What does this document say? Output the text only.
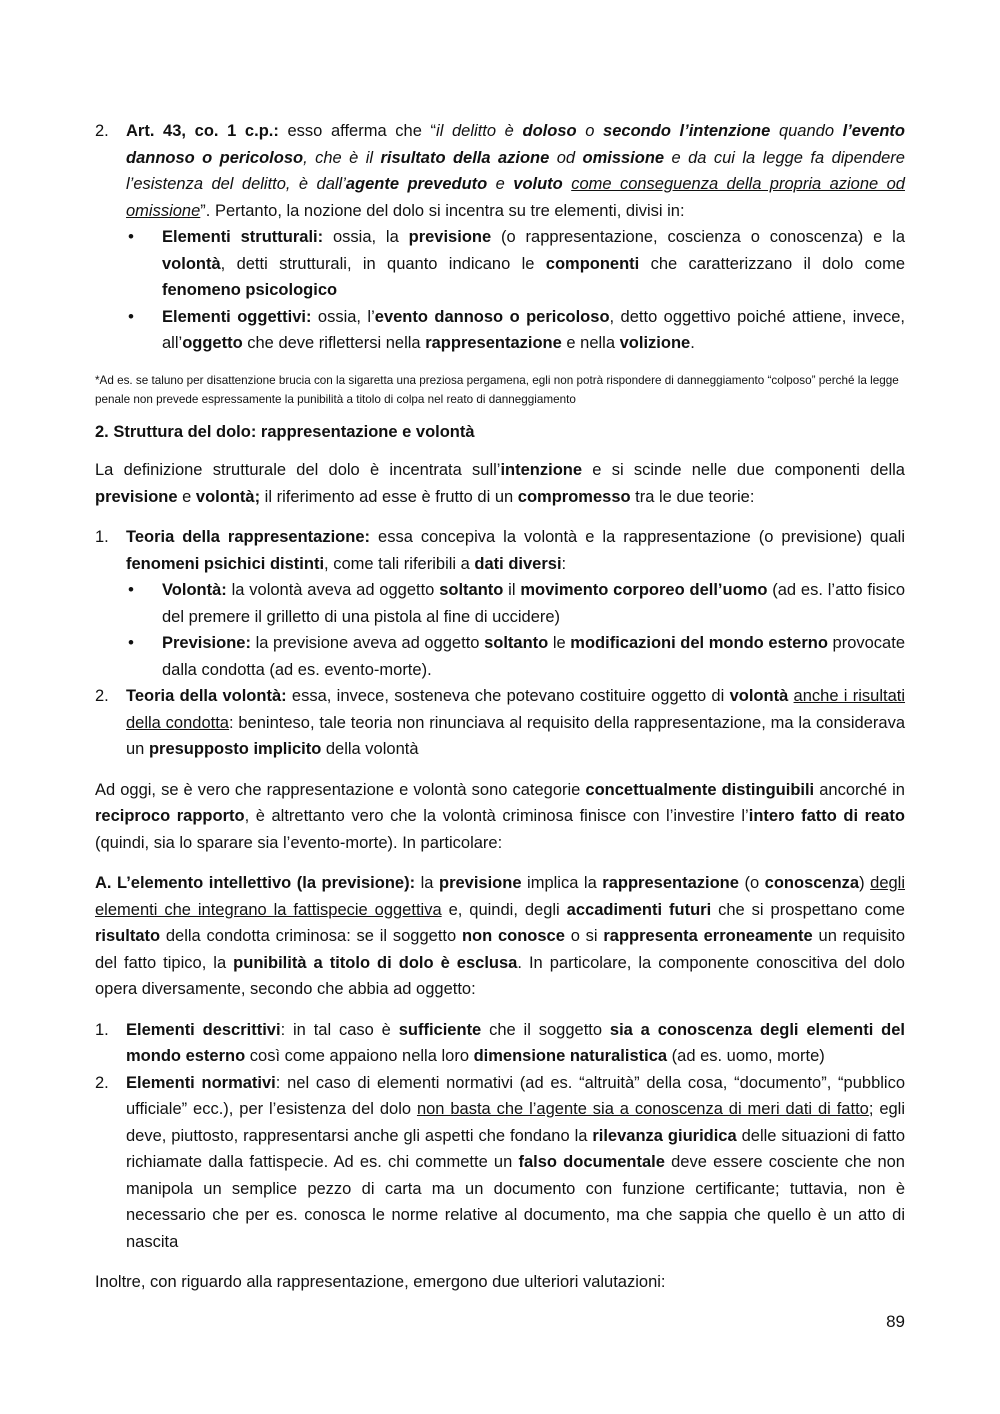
2. Art. 43, co. 1 c.p.: esso afferma che “il delitto è doloso o secondo l’intenzione quando l’evento dannoso o pericoloso, che è il risultato della azione od omissione e da cui la legge fa dipendere l’esistenza del delitto, è dall’agente preveduto e voluto come conseguenza della propria azione od omissione”. Pertanto, la nozione del dolo si incentra su tre elementi, divisi in:
• Elementi strutturali: ossia, la previsione (o rappresentazione, coscienza o conoscenza) e la volontà, detti strutturali, in quanto indicano le componenti che caratterizzano il dolo come fenomeno psicologico
• Elementi oggettivi: ossia, l’evento dannoso o pericoloso, detto oggettivo poiché attiene, invece, all’oggetto che deve riflettersi nella rappresentazione e nella volizione.

*Ad es. se taluno per disattenzione brucia con la sigaretta una preziosa pergamena, egli non potrà rispondere di danneggiamento “colposo” perché la legge penale non prevede espressamente la punibilità a titolo di colpa nel reato di danneggiamento

2. Struttura del dolo: rappresentazione e volontà

La definizione strutturale del dolo è incentrata sull’intenzione e si scinde nelle due componenti della previsione e volontà; il riferimento ad esse è frutto di un compromesso tra le due teorie:

1. Teoria della rappresentazione: essa concepiva la volontà e la rappresentazione (o previsione) quali fenomeni psichici distinti, come tali riferibili a dati diversi:
• Volontà: la volontà aveva ad oggetto soltanto il movimento corporeo dell’uomo (ad es. l’atto fisico del premere il grilletto di una pistola al fine di uccidere)
• Previsione: la previsione aveva ad oggetto soltanto le modificazioni del mondo esterno provocate dalla condotta (ad es. evento-morte).
2. Teoria della volontà: essa, invece, sosteneva che potevano costituire oggetto di volontà anche i risultati della condotta: beninteso, tale teoria non rinunciava al requisito della rappresentazione, ma la considerava un presupposto implicito della volontà

Ad oggi, se è vero che rappresentazione e volontà sono categorie concettualmente distinguibili ancorché in reciproco rapporto, è altrettanto vero che la volontà criminosa finisce con l’investire l’intero fatto di reato (quindi, sia lo sparare sia l’evento-morte). In particolare:

A. L’elemento intellettivo (la previsione): la previsione implica la rappresentazione (o conoscenza) degli elementi che integrano la fattispecie oggettiva e, quindi, degli accadimenti futuri che si prospettano come risultato della condotta criminosa: se il soggetto non conosce o si rappresenta erroneamente un requisito del fatto tipico, la punibilità a titolo di dolo è esclusa. In particolare, la componente conoscitiva del dolo opera diversamente, secondo che abbia ad oggetto:

1. Elementi descrittivi: in tal caso è sufficiente che il soggetto sia a conoscenza degli elementi del mondo esterno così come appaiono nella loro dimensione naturalistica (ad es. uomo, morte)
2. Elementi normativi: nel caso di elementi normativi (ad es. “altruità” della cosa, “documento”, “pubblico ufficiale” ecc.), per l’esistenza del dolo non basta che l’agente sia a conoscenza di meri dati di fatto; egli deve, piuttosto, rappresentarsi anche gli aspetti che fondano la rilevanza giuridica delle situazioni di fatto richiamate dalla fattispecie. Ad es. chi commette un falso documentale deve essere cosciente che non manipola un semplice pezzo di carta ma un documento con funzione certificante; tuttavia, non è necessario che per es. conosca le norme relative al documento, ma che sappia che quello è un atto di nascita

Inoltre, con riguardo alla rappresentazione, emergono due ulteriori valutazioni:

89
